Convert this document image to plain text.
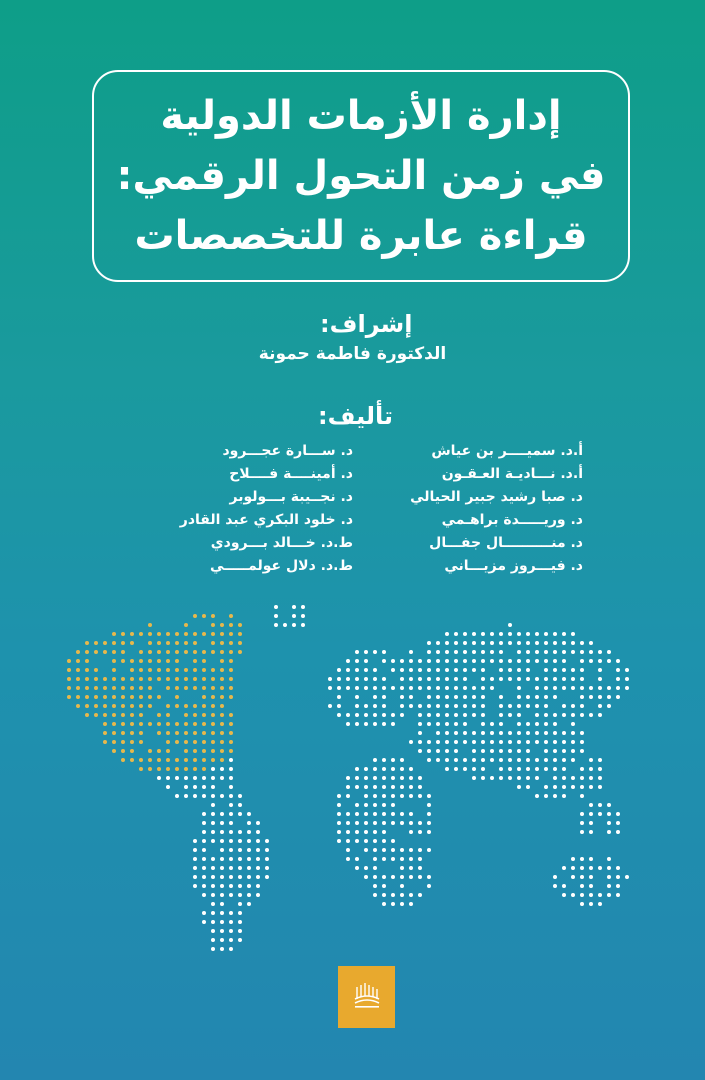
إدارة الأزمات الدولية
في زمن التحول الرقمي:
قراءة عابرة للتخصصات
إشراف:
الدكتورة فاطمة حمونة
تأليف:
أ.د. سميــــر بن عياش
أ.د. نـــاديـة العـقـون
د. صبا رشيد جبير الحيالي
د. وريـــــدة براهـمي
د. منــــــــــال جفـــال
د. فيـــروز مزيـــاني
د. ســـارة عجـــرود
د. أمينــــة فــــلاح
د. نجــيبة بـــولوبر
د. خلود البكري عبد القادر
ط.د. خـــالد بـــرودي
ط.د. دلال عولمـــــي
